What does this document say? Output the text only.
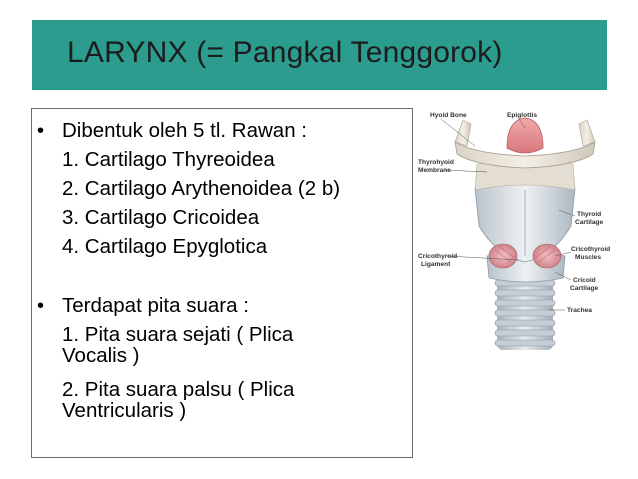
LARYNX (= Pangkal Tenggorok)
• Dibentuk oleh 5 tl. Rawan :
1. Cartilago Thyreoidea
2. Cartilago Arythenoidea (2 b)
3. Cartilago Cricoidea
4. Cartilago Epyglotica
• Terdapat pita suara :
1. Pita suara sejati ( Plica
Vocalis )
2. Pita suara palsu ( Plica
Ventricularis )
Hyoid Bone	Epiglottis
Thyrohyoid
Membrane
Thyroid
Cartilage
Cricothyroid
Ligament
Cricothyroid
Muscles
Cricoid
Cartilage
Trachea
